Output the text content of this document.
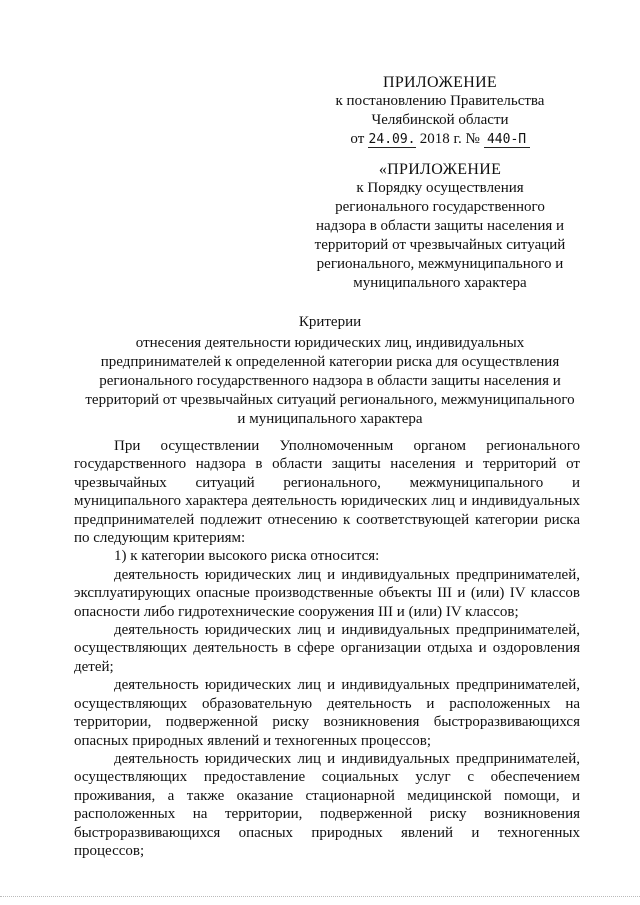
ПРИЛОЖЕНИЕ
к постановлению Правительства
Челябинской области
от 24.09. 2018 г. № 440-П
«ПРИЛОЖЕНИЕ
к Порядку осуществления
регионального государственного
надзора в области защиты населения и
территорий от чрезвычайных ситуаций
регионального, межмуниципального и
муниципального характера
Критерии
отнесения деятельности юридических лиц, индивидуальных
предпринимателей к определенной категории риска для осуществления
регионального государственного надзора в области защиты населения и
территорий от чрезвычайных ситуаций регионального, межмуниципального
и муниципального характера

При осуществлении Уполномоченным органом регионального государственного надзора в области защиты населения и территорий от чрезвычайных ситуаций регионального, межмуниципального и муниципального характера деятельность юридических лиц и индивидуальных предпринимателей подлежит отнесению к соответствующей категории риска по следующим критериям:

1) к категории высокого риска относится:

деятельность юридических лиц и индивидуальных предпринимателей, эксплуатирующих опасные производственные объекты III и (или) IV классов опасности либо гидротехнические сооружения III и (или) IV классов;

деятельность юридических лиц и индивидуальных предпринимателей, осуществляющих деятельность в сфере организации отдыха и оздоровления детей;

деятельность юридических лиц и индивидуальных предпринимателей, осуществляющих образовательную деятельность и расположенных на территории, подверженной риску возникновения быстроразвивающихся опасных природных явлений и техногенных процессов;

деятельность юридических лиц и индивидуальных предпринимателей, осуществляющих предоставление социальных услуг с обеспечением проживания, а также оказание стационарной медицинской помощи, и расположенных на территории, подверженной риску возникновения быстроразвивающихся опасных природных явлений и техногенных процессов;
